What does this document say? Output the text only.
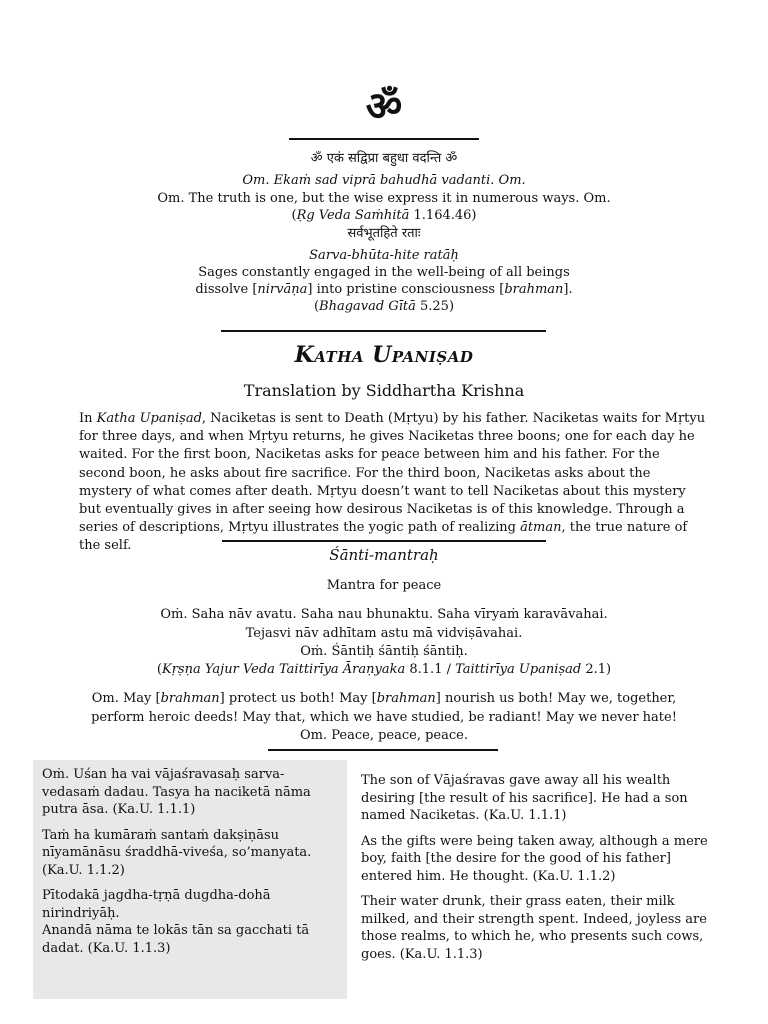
ॐ
ॐ एकं सद्विप्रा बहुधा वदन्ति ॐ
Om. Ekaṁ sad viprā bahudhā vadanti. Om.
Om. The truth is one, but the wise express it in numerous ways. Om.
(Ṛg Veda Saṁhitā 1.164.46)
सर्वभूतहिते रताः
Sarva-bhūta-hite ratāḥ
Sages constantly engaged in the well-being of all beings
dissolve [nirvāṇa] into pristine consciousness [brahman].
(Bhagavad Gītā 5.25)
Katha Upaniṣad
Translation by Siddhartha Krishna
In Katha Upaniṣad, Naciketas is sent to Death (Mṛtyu) by his father. Naciketas waits for Mṛtyu for three days, and when Mṛtyu returns, he gives Naciketas three boons; one for each day he waited. For the first boon, Naciketas asks for peace between him and his father. For the second boon, he asks about fire sacrifice. For the third boon, Naciketas asks about the mystery of what comes after death. Mṛtyu doesn’t want to tell Naciketas about this mystery but eventually gives in after seeing how desirous Naciketas is of this knowledge. Through a series of descriptions, Mṛtyu illustrates the yogic path of realizing ātman, the true nature of the self.
Śānti-mantraḥ
Mantra for peace
Oṁ. Saha nāv avatu. Saha nau bhunaktu. Saha vīryaṁ karavāvahai.
Tejasvi nāv adhītam astu mā vidviṣāvahai.
Oṁ. Śāntiḥ śāntiḥ śāntiḥ.
(Kṛṣṇa Yajur Veda Taittirīya Āraṇyaka 8.1.1 / Taittirīya Upaniṣad 2.1)
Om. May [brahman] protect us both! May [brahman] nourish us both! May we, together,
perform heroic deeds! May that, which we have studied, be radiant! May we never hate!
Om. Peace, peace, peace.

Oṁ. Uśan ha vai vājaśravasaḥ sarva-vedasaṁ dadau. Tasya ha naciketā nāma putra āsa. (Ka.U. 1.1.1)

Taṁ ha kumāraṁ santaṁ dakṣiṇāsu nīyamānāsu śraddhā-viveśa, so’manyata. (Ka.U. 1.1.2)

Pītodakā jagdha-tṛṇā dugdha-dohā nirindriyāḥ.
Anandā nāma te lokās tān sa gacchati tā dadat. (Ka.U. 1.1.3)

The son of Vājaśravas gave away all his wealth desiring [the result of his sacrifice]. He had a son named Naciketas. (Ka.U. 1.1.1)

As the gifts were being taken away, although a mere boy, faith [the desire for the good of his father] entered him. He thought. (Ka.U. 1.1.2)

Their water drunk, their grass eaten, their milk milked, and their strength spent. Indeed, joyless are those realms, to which he, who presents such cows, goes. (Ka.U. 1.1.3)
